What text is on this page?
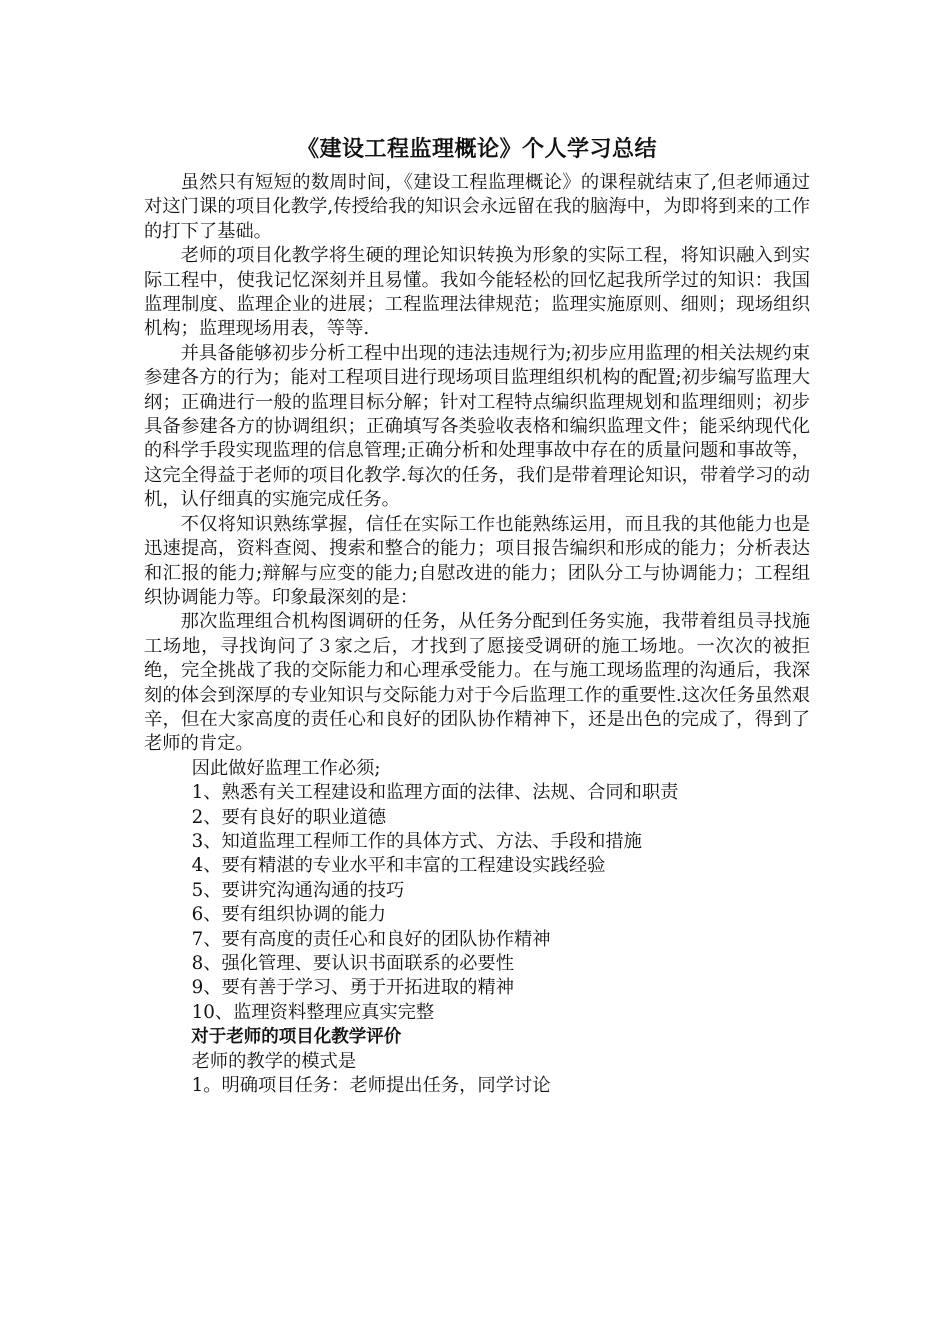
《建设工程监理概论》个人学习总结

虽然只有短短的数周时间，《建设工程监理概论》的课程就结束了,但老师通过对这门课的项目化教学,传授给我的知识会永远留在我的脑海中，为即将到来的工作的打下了基础。

老师的项目化教学将生硬的理论知识转换为形象的实际工程，将知识融入到实际工程中，使我记忆深刻并且易懂。我如今能轻松的回忆起我所学过的知识：我国监理制度、监理企业的进展；工程监理法律规范；监理实施原则、细则；现场组织机构；监理现场用表，等等.

并具备能够初步分析工程中出现的违法违规行为;初步应用监理的相关法规约束参建各方的行为；能对工程项目进行现场项目监理组织机构的配置;初步编写监理大纲；正确进行一般的监理目标分解；针对工程特点编织监理规划和监理细则；初步具备参建各方的协调组织；正确填写各类验收表格和编织监理文件；能采纳现代化的科学手段实现监理的信息管理;正确分析和处理事故中存在的质量问题和事故等，这完全得益于老师的项目化教学.每次的任务，我们是带着理论知识，带着学习的动机，认仔细真的实施完成任务。

不仅将知识熟练掌握，信任在实际工作也能熟练运用，而且我的其他能力也是迅速提高，资料查阅、搜索和整合的能力；项目报告编织和形成的能力；分析表达和汇报的能力;辩解与应变的能力;自慰改进的能力；团队分工与协调能力；工程组织协调能力等。印象最深刻的是：

那次监理组合机构图调研的任务，从任务分配到任务实施，我带着组员寻找施工场地，寻找询问了３家之后，才找到了愿接受调研的施工场地。一次次的被拒绝，完全挑战了我的交际能力和心理承受能力。在与施工现场监理的沟通后，我深刻的体会到深厚的专业知识与交际能力对于今后监理工作的重要性.这次任务虽然艰辛，但在大家高度的责任心和良好的团队协作精神下，还是出色的完成了，得到了老师的肯定。

因此做好监理工作必须;
1、熟悉有关工程建设和监理方面的法律、法规、合同和职责
2、要有良好的职业道德
3、知道监理工程师工作的具体方式、方法、手段和措施
4、要有精湛的专业水平和丰富的工程建设实践经验
5、要讲究沟通沟通的技巧
6、要有组织协调的能力
7、要有高度的责任心和良好的团队协作精神
8、强化管理、要认识书面联系的必要性
9、要有善于学习、勇于开拓进取的精神
10、监理资料整理应真实完整
对于老师的项目化教学评价
老师的教学的模式是
1。明确项目任务：老师提出任务，同学讨论
